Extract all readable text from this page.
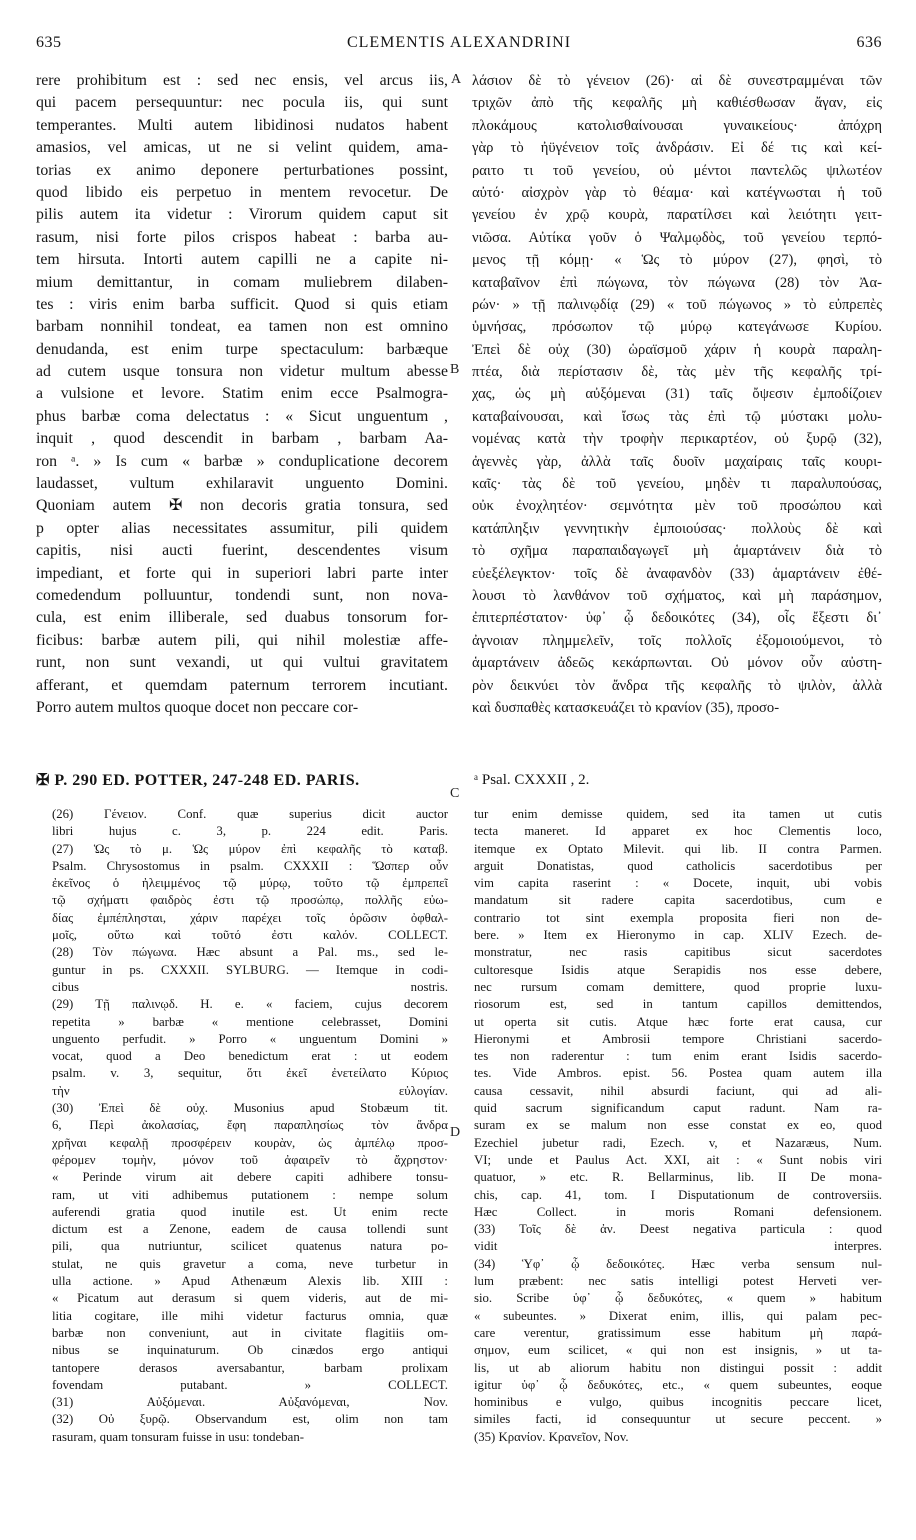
635	CLEMENTIS ALEXANDRINI	636
A
B
C
D
rere prohibitum est : sed nec ensis, vel arcus iis,
qui pacem persequuntur: nec pocula iis, qui sunt
temperantes. Multi autem libidinosi nudatos habent
amasios, vel amicas, ut ne si velint quidem, ama-
torias ex animo deponere perturbationes possint,
quod libido eis perpetuo in mentem revocetur. De
pilis autem ita videtur : Virorum quidem caput sit
rasum, nisi forte pilos crispos habeat : barba au-
tem hirsuta. Intorti autem capilli ne a capite ni-
mium demittantur, in comam muliebrem dilaben-
tes : viris enim barba sufficit. Quod si quis etiam
barbam nonnihil tondeat, ea tamen non est omnino
denudanda, est enim turpe spectaculum: barbæque
ad cutem usque tonsura non videtur multum abesse
a vulsione et levore. Statim enim ecce Psalmogra-
phus barbæ coma delectatus : « Sicut unguentum ,
inquit , quod descendit in barbam , barbam Aa-
ron ᵃ. » Is cum « barbæ » conduplicatione decorem
laudasset, vultum exhilaravit unguento Domini.
Quoniam autem ✠ non decoris gratia tonsura, sed
p opter alias necessitates assumitur, pili quidem
capitis, nisi aucti fuerint, descendentes visum
impediant, et forte qui in superiori labri parte inter
comedendum polluuntur, tondendi sunt, non nova-
cula, est enim illiberale, sed duabus tonsorum for-
ficibus: barbæ autem pili, qui nihil molestiæ affe-
runt, non sunt vexandi, ut qui vultui gravitatem
afferant, et quemdam paternum terrorem incutiant.
Porro autem multos quoque docet non peccare cor-
λάσιον δὲ τὸ γένειον (26)· αἱ δὲ συνεστραμμέναι τῶν
τριχῶν ἀπὸ τῆς κεφαλῆς μὴ καθιέσθωσαν ἄγαν, εἰς
πλοκάμους κατολισθαίνουσαι γυναικείους· ἀπόχρη
γὰρ τὸ ἠϋγένειον τοῖς ἀνδράσιν. Εἰ δέ τις καὶ κεί-
ραιτο τι τοῦ γενείου, οὐ μέντοι παντελῶς ψιλωτέον
αὐτό· αἰσχρὸν γὰρ τὸ θέαμα· καὶ κατέγνωσται ἡ τοῦ
γενείου ἐν χρῷ κουρὰ, παρατίλσει καὶ λειότητι γειτ-
νιῶσα. Αὐτίκα γοῦν ὁ Ψαλμῳδὸς, τοῦ γενείου τερπό-
μενος τῇ κόμῃ· « Ὡς τὸ μύρον (27), φησὶ, τὸ
καταβαῖνον ἐπὶ πώγωνα, τὸν πώγωνα (28) τὸν Ἀα-
ρών· » τῇ παλινῳδίᾳ (29) « τοῦ πώγωνος » τὸ εὐπρεπὲς
ὑμνήσας, πρόσωπον τῷ μύρῳ κατεγάνωσε Κυρίου.
Ἐπεὶ δὲ οὐχ (30) ὡραϊσμοῦ χάριν ἡ κουρὰ παραλη-
πτέα, διὰ περίστασιν δὲ, τὰς μὲν τῆς κεφαλῆς τρί-
χας, ὡς μὴ αὐξόμεναι (31) ταῖς ὄψεσιν ἐμποδίζοιεν
καταβαίνουσαι, καὶ ἴσως τὰς ἐπὶ τῷ μύστακι μολυ-
νομένας κατὰ τὴν τροφὴν περικαρτέον, οὐ ξυρῷ (32),
ἀγεννὲς γὰρ, ἀλλὰ ταῖς δυοῖν μαχαίραις ταῖς κουρι-
καῖς· τὰς δὲ τοῦ γενείου, μηδὲν τι παραλυπούσας,
οὐκ ἐνοχλητέον· σεμνότητα μὲν τοῦ προσώπου καὶ
κατάπληξιν γεννητικὴν ἐμποιούσας· πολλοὺς δὲ καὶ
τὸ σχῆμα παραπαιδαγωγεῖ μὴ ἁμαρτάνειν διὰ τὸ
εὐεξέλεγκτον· τοῖς δὲ ἀναφανδὸν (33) ἁμαρτάνειν ἐθέ-
λουσι τὸ λανθάνον τοῦ σχήματος, καὶ μὴ παράσημον,
ἐπιτερπέστατον· ὑφ᾽ ᾧ δεδοικότες (34), οἷς ἔξεστι δι᾽
ἀγνοιαν πλημμελεῖν, τοῖς πολλοῖς ἐξομοιούμενοι, τὸ
ἁμαρτάνειν ἀδεῶς κεκάρπωνται. Οὐ μόνον οὖν αὐστη-
ρὸν δεικνύει τὸν ἄνδρα τῆς κεφαλῆς τὸ ψιλὸν, ἀλλὰ
καὶ δυσπαθὲς κατασκευάζει τὸ κρανίον (35), προσο-
✠ P. 290 ED. POTTER, 247-248 ED. PARIS.	ᵃ Psal. CXXXII , 2.
(26) Γένειον. Conf. quæ superius dicit auctor
libri hujus c. 3, p. 224 edit. Paris.
(27) Ὡς τὸ μ. Ὡς μύρον ἐπὶ κεφαλῆς τὸ καταβ.
Psalm. Chrysostomus in psalm. CXXXII : Ὥσπερ οὖν
ἐκεῖνος ὁ ἠλειμμένος τῷ μύρῳ, τοῦτο τῷ ἐμπρεπεῖ
τῷ σχήματι φαιδρὸς ἐστι τῷ προσώπῳ, πολλῆς εὐω-
δίας ἐμπέπλησται, χάριν παρέχει τοῖς ὁρῶσιν ὀφθαλ-
μοῖς, οὕτω καὶ τοῦτό ἐστι καλόν. COLLECT.
(28) Τὸν πώγωνα. Hæc absunt a Pal. ms., sed le-
guntur in ps. CXXXII. SYLBURG. — Itemque in codi-
cibus nostris.
(29) Τῇ παλινῳδ. H. e. « faciem, cujus decorem
repetita » barbæ « mentione celebrasset, Domini
unguento perfudit. » Porro « unguentum Domini »
vocat, quod a Deo benedictum erat : ut eodem
psalm. v. 3, sequitur, ὅτι ἐκεῖ ἐνετείλατο Κύριος
τὴν εὐλογίαν.
(30) Ἐπεὶ δὲ οὐχ. Musonius apud Stobæum tit.
6, Περὶ ἀκολασίας, ἔφη παραπλησίως τὸν ἄνδρα
χρῆναι κεφαλῇ προσφέρειν κουρὰν, ὡς ἀμπέλῳ προσ-
φέρομεν τομὴν, μόνον τοῦ ἀφαιρεῖν τὸ ἄχρηστον·
« Perinde virum ait debere capiti adhibere tonsu-
ram, ut viti adhibemus putationem : nempe solum
auferendi gratia quod inutile est. Ut enim recte
dictum est a Zenone, eadem de causa tollendi sunt
pili, qua nutriuntur, scilicet quatenus natura po-
stulat, ne quis gravetur a coma, neve turbetur in
ulla actione. » Apud Athenæum Alexis lib. XIII :
« Picatum aut derasum si quem videris, aut de mi-
litia cogitare, ille mihi videtur facturus omnia, quæ
barbæ non conveniunt, aut in civitate flagitiis om-
nibus se inquinaturum. Ob cinædos ergo antiqui
tantopere derasos aversabantur, barbam prolixam
fovendam putabant. » COLLECT.
(31) Αὐξόμεναι. Αὐξανόμεναι, Nov.
(32) Οὐ ξυρῷ. Observandum est, olim non tam
rasuram, quam tonsuram fuisse in usu: tondeban-
tur enim demisse quidem, sed ita tamen ut cutis
tecta maneret. Id apparet ex hoc Clementis loco,
itemque ex Optato Milevit. qui lib. II contra Parmen.
arguit Donatistas, quod catholicis sacerdotibus per
vim capita raserint : « Docete, inquit, ubi vobis
mandatum sit radere capita sacerdotibus, cum e
contrario tot sint exempla proposita fieri non de-
bere. » Item ex Hieronymo in cap. XLIV Ezech. de-
monstratur, nec rasis capitibus sicut sacerdotes
cultoresque Isidis atque Serapidis nos esse debere,
nec rursum comam demittere, quod proprie luxu-
riosorum est, sed in tantum capillos demittendos,
ut operta sit cutis. Atque hæc forte erat causa, cur
Hieronymi et Ambrosii tempore Christiani sacerdo-
tes non raderentur : tum enim erant Isidis sacerdo-
tes. Vide Ambros. epist. 56. Postea quam autem illa
causa cessavit, nihil absurdi faciunt, qui ad ali-
quid sacrum significandum caput radunt. Nam ra-
suram ex se malum non esse constat ex eo, quod
Ezechiel jubetur radi, Ezech. v, et Nazaræus, Num.
VI; unde et Paulus Act. XXI, ait : « Sunt nobis viri
quatuor, » etc. R. Bellarminus, lib. II De mona-
chis, cap. 41, tom. I Disputationum de controversiis.
Hæc Collect. in moris Romani defensionem.
(33) Τοῖς δὲ ἀν. Deest negativa particula : quod
vidit interpres.
(34) Ὑφ᾽ ᾧ δεδοικότες. Hæc verba sensum nul-
lum præbent: nec satis intelligi potest Herveti ver-
sio. Scribe ὑφ᾽ ᾧ δεδυκότες, « quem » habitum
« subeuntes. » Dixerat enim, illis, qui palam pec-
care verentur, gratissimum esse habitum μὴ παρά-
σημον, eum scilicet, « qui non est insignis, » ut ta-
lis, ut ab aliorum habitu non distingui possit : addit
igitur ὑφ᾽ ᾧ δεδυκότες, etc., « quem subeuntes, eoque
hominibus e vulgo, quibus incognitis peccare licet,
similes facti, id consequuntur ut secure peccent. »
(35) Κρανίον. Κρανεῖον, Nov.
